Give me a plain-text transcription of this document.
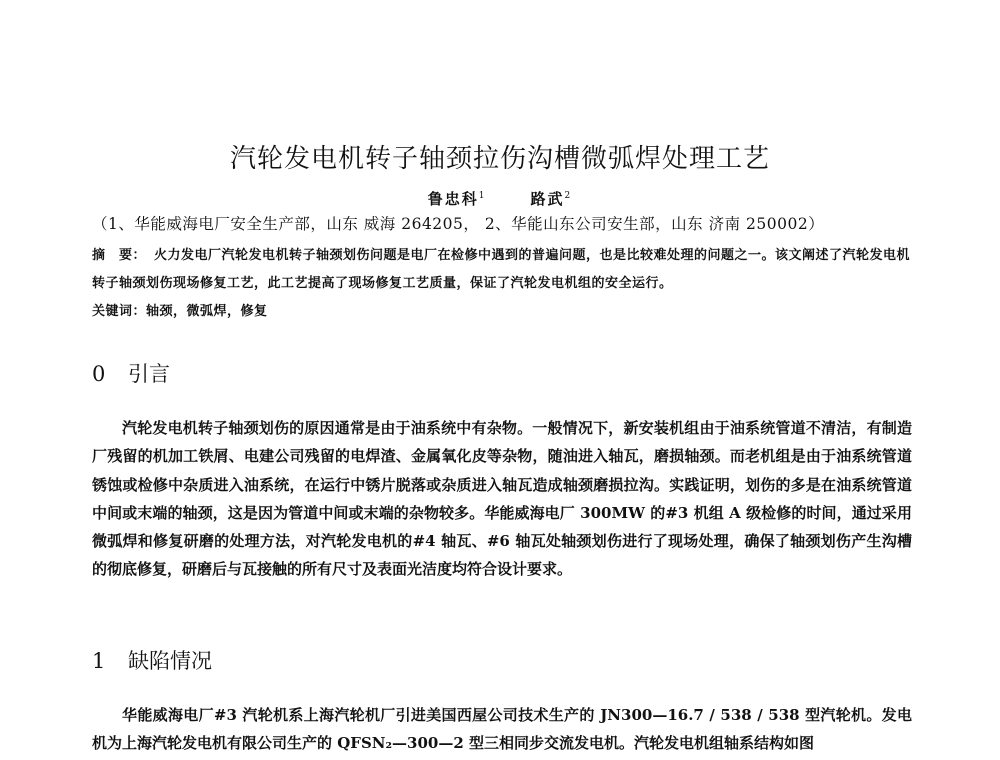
汽轮发电机转子轴颈拉伤沟槽微弧焊处理工艺
鲁忠科$^1$	路武$^2$
（1、华能威海电厂安全生产部，山东 威海 264205， 2、华能山东公司安生部，山东 济南 250002）
摘　要： 火力发电厂汽轮发电机转子轴颈划伤问题是电厂在检修中遇到的普遍问题，也是比较难处理的问题之一。该文阐述了汽轮发电机转子轴颈划伤现场修复工艺，此工艺提高了现场修复工艺质量，保证了汽轮发电机组的安全运行。
关键词：轴颈，微弧焊，修复
0 引言
汽轮发电机转子轴颈划伤的原因通常是由于油系统中有杂物。一般情况下，新安装机组由于油系统管道不清洁，有制造厂残留的机加工铁屑、电建公司残留的电焊渣、金属氧化皮等杂物，随油进入轴瓦，磨损轴颈。而老机组是由于油系统管道锈蚀或检修中杂质进入油系统，在运行中锈片脱落或杂质进入轴瓦造成轴颈磨损拉沟。实践证明，划伤的多是在油系统管道中间或末端的轴颈，这是因为管道中间或末端的杂物较多。华能威海电厂 300MW 的#3 机组 A 级检修的时间，通过采用微弧焊和修复研磨的处理方法，对汽轮发电机的#4 轴瓦、#6 轴瓦处轴颈划伤进行了现场处理，确保了轴颈划伤产生沟槽的彻底修复，研磨后与瓦接触的所有尺寸及表面光洁度均符合设计要求。
1 缺陷情况
华能威海电厂#3 汽轮机系上海汽轮机厂引进美国西屋公司技术生产的 JN300—16.7 / 538 / 538 型汽轮机。发电机为上海汽轮发电机有限公司生产的 QFSN₂—300—2 型三相同步交流发电机。汽轮发电机组轴系结构如图
